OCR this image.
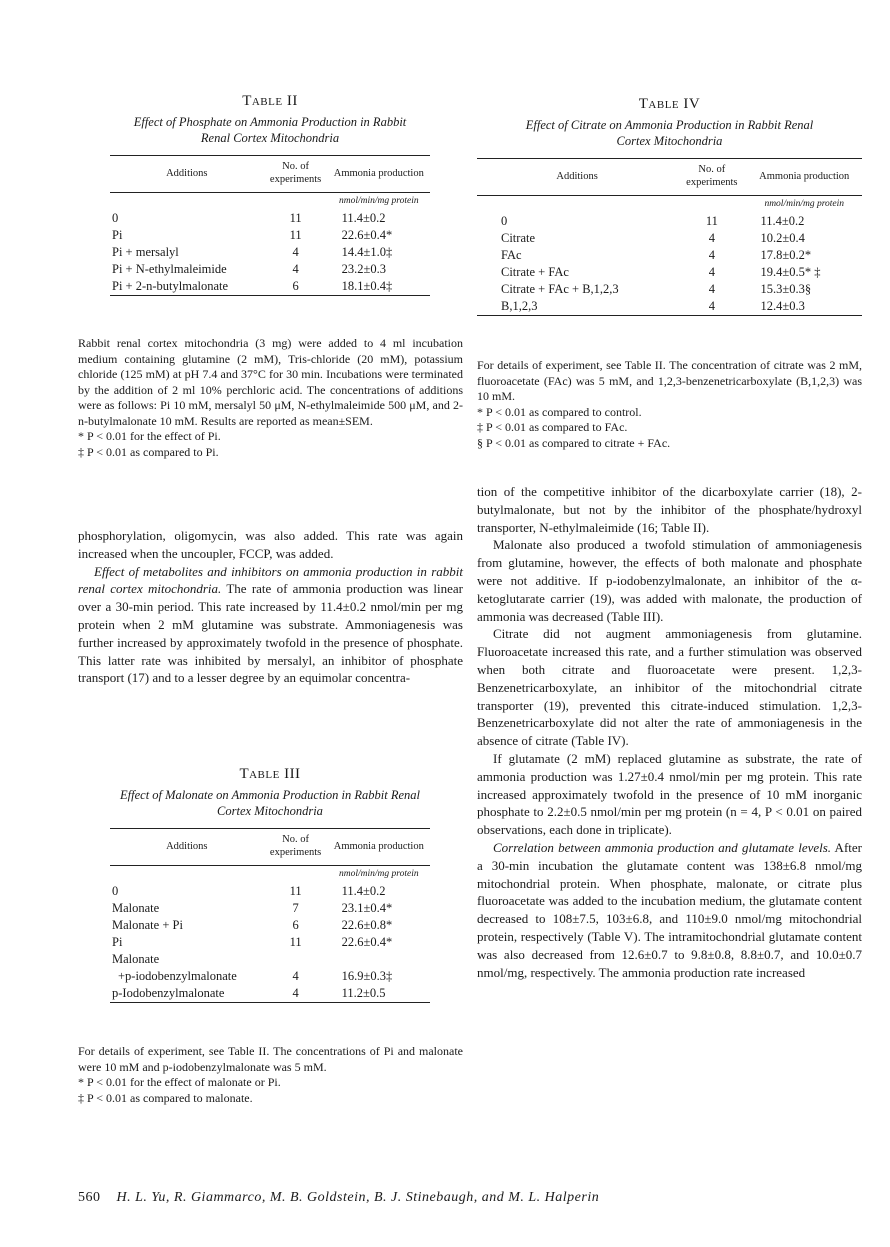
Table II

Effect of Phosphate on Ammonia Production in Rabbit Renal Cortex Mitochondria

Additions	No. of experiments	Ammonia production
		nmol/min/mg protein
0	11	11.4±0.2
Pi	11	22.6±0.4*
Pi + mersalyl	4	14.4±1.0‡
Pi + N-ethylmaleimide	4	23.2±0.3
Pi + 2-n-butylmalonate	6	18.1±0.4‡

Rabbit renal cortex mitochondria (3 mg) were added to 4 ml incubation medium containing glutamine (2 mM), Tris-chloride (20 mM), potassium chloride (125 mM) at pH 7.4 and 37°C for 30 min. Incubations were terminated by the addition of 2 ml 10% perchloric acid. The concentrations of additions were as follows: Pi 10 mM, mersalyl 50 μM, N-ethylmaleimide 500 μM, and 2-n-butylmalonate 10 mM. Results are reported as mean±SEM.

* P < 0.01 for the effect of Pi.

‡ P < 0.01 as compared to Pi.

phosphorylation, oligomycin, was also added. This rate was again increased when the uncoupler, FCCP, was added.

Effect of metabolites and inhibitors on ammonia production in rabbit renal cortex mitochondria. The rate of ammonia production was linear over a 30-min period. This rate increased by 11.4±0.2 nmol/min per mg protein when 2 mM glutamine was substrate. Ammoniagenesis was further increased by approximately twofold in the presence of phosphate. This latter rate was inhibited by mersalyl, an inhibitor of phosphate transport (17) and to a lesser degree by an equimolar concentra-

Table III

Effect of Malonate on Ammonia Production in Rabbit Renal Cortex Mitochondria

Additions	No. of experiments	Ammonia production
		nmol/min/mg protein
0	11	11.4±0.2
Malonate	7	23.1±0.4*
Malonate + Pi	6	22.6±0.8*
Pi	11	22.6±0.4*
Malonate		
+p-iodobenzylmalonate	4	16.9±0.3‡
p-Iodobenzylmalonate	4	11.2±0.5

For details of experiment, see Table II. The concentrations of Pi and malonate were 10 mM and p-iodobenzylmalonate was 5 mM.

* P < 0.01 for the effect of malonate or Pi.

‡ P < 0.01 as compared to malonate.

Table IV

Effect of Citrate on Ammonia Production in Rabbit Renal Cortex Mitochondria

Additions	No. of experiments	Ammonia production
		nmol/min/mg protein
0	11	11.4±0.2
Citrate	4	10.2±0.4
FAc	4	17.8±0.2*
Citrate + FAc	4	19.4±0.5* ‡
Citrate + FAc + B,1,2,3	4	15.3±0.3§
B,1,2,3	4	12.4±0.3

For details of experiment, see Table II. The concentration of citrate was 2 mM, fluoroacetate (FAc) was 5 mM, and 1,2,3-benzenetricarboxylate (B,1,2,3) was 10 mM.

* P < 0.01 as compared to control.

‡ P < 0.01 as compared to FAc.

§ P < 0.01 as compared to citrate + FAc.

tion of the competitive inhibitor of the dicarboxylate carrier (18), 2-butylmalonate, but not by the inhibitor of the phosphate/hydroxyl transporter, N-ethylmaleimide (16; Table II).

Malonate also produced a twofold stimulation of ammoniagenesis from glutamine, however, the effects of both malonate and phosphate were not additive. If p-iodobenzylmalonate, an inhibitor of the α-ketoglutarate carrier (19), was added with malonate, the production of ammonia was decreased (Table III).

Citrate did not augment ammoniagenesis from glutamine. Fluoroacetate increased this rate, and a further stimulation was observed when both citrate and fluoroacetate were present. 1,2,3-Benzenetricarboxylate, an inhibitor of the mitochondrial citrate transporter (19), prevented this citrate-induced stimulation. 1,2,3-Benzenetricarboxylate did not alter the rate of ammoniagenesis in the absence of citrate (Table IV).

If glutamate (2 mM) replaced glutamine as substrate, the rate of ammonia production was 1.27±0.4 nmol/min per mg protein. This rate increased approximately twofold in the presence of 10 mM inorganic phosphate to 2.2±0.5 nmol/min per mg protein (n = 4, P < 0.01 on paired observations, each done in triplicate).

Correlation between ammonia production and glutamate levels. After a 30-min incubation the glutamate content was 138±6.8 nmol/mg mitochondrial protein. When phosphate, malonate, or citrate plus fluoroacetate was added to the incubation medium, the glutamate content decreased to 108±7.5, 103±6.8, and 110±9.0 nmol/mg mitochondrial protein, respectively (Table V). The intramitochondrial glutamate content was also decreased from 12.6±0.7 to 9.8±0.8, 8.8±0.7, and 10.0±0.7 nmol/mg, respectively. The ammonia production rate increased

560 H. L. Yu, R. Giammarco, M. B. Goldstein, B. J. Stinebaugh, and M. L. Halperin
